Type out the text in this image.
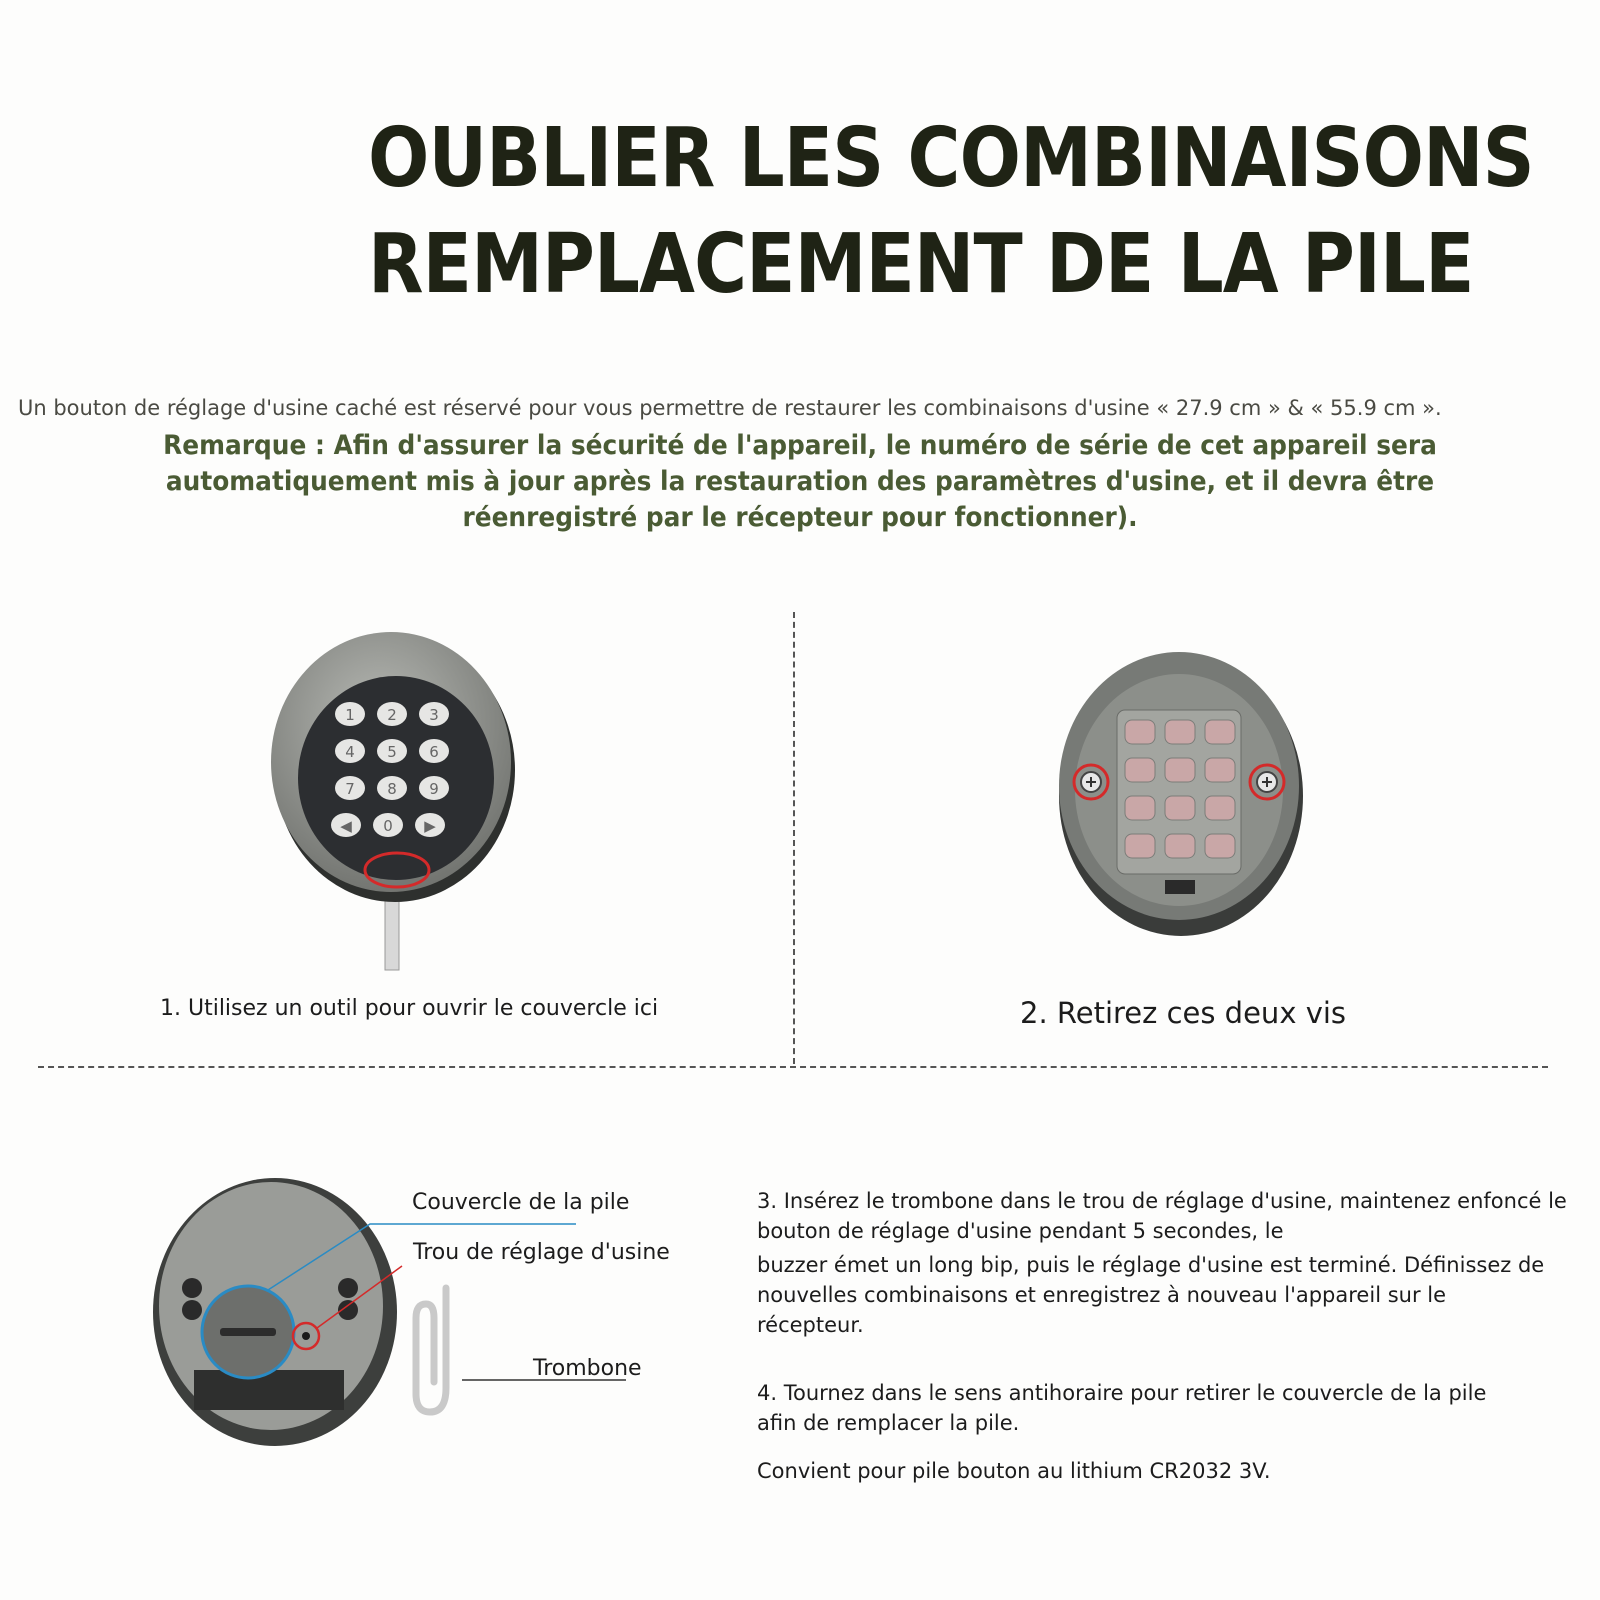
OUBLIER LES COMBINAISONS
REMPLACEMENT DE LA PILE
Un bouton de réglage d'usine caché est réservé pour vous permettre de restaurer les combinaisons d'usine « 27.9 cm » & « 55.9 cm ».
Remarque : Afin d'assurer la sécurité de l'appareil, le numéro de série de cet appareil sera automatiquement mis à jour après la restauration des paramètres d'usine, et il devra être réenregistré par le récepteur pour fonctionner).
1 2 3
4 5 6
7 8 9
◀ 0 ▶
1. Utilisez un outil pour ouvrir le couvercle ici	2. Retirez ces deux vis
Couvercle de la pile
Trou de réglage d'usine
Trombone
3. Insérez le trombone dans le trou de réglage d'usine, maintenez enfoncé le bouton de réglage d'usine pendant 5 secondes, le
buzzer émet un long bip, puis le réglage d'usine est terminé. Définissez de nouvelles combinaisons et enregistrez à nouveau l'appareil sur le récepteur.
4. Tournez dans le sens antihoraire pour retirer le couvercle de la pile afin de remplacer la pile.
Convient pour pile bouton au lithium CR2032 3V.
